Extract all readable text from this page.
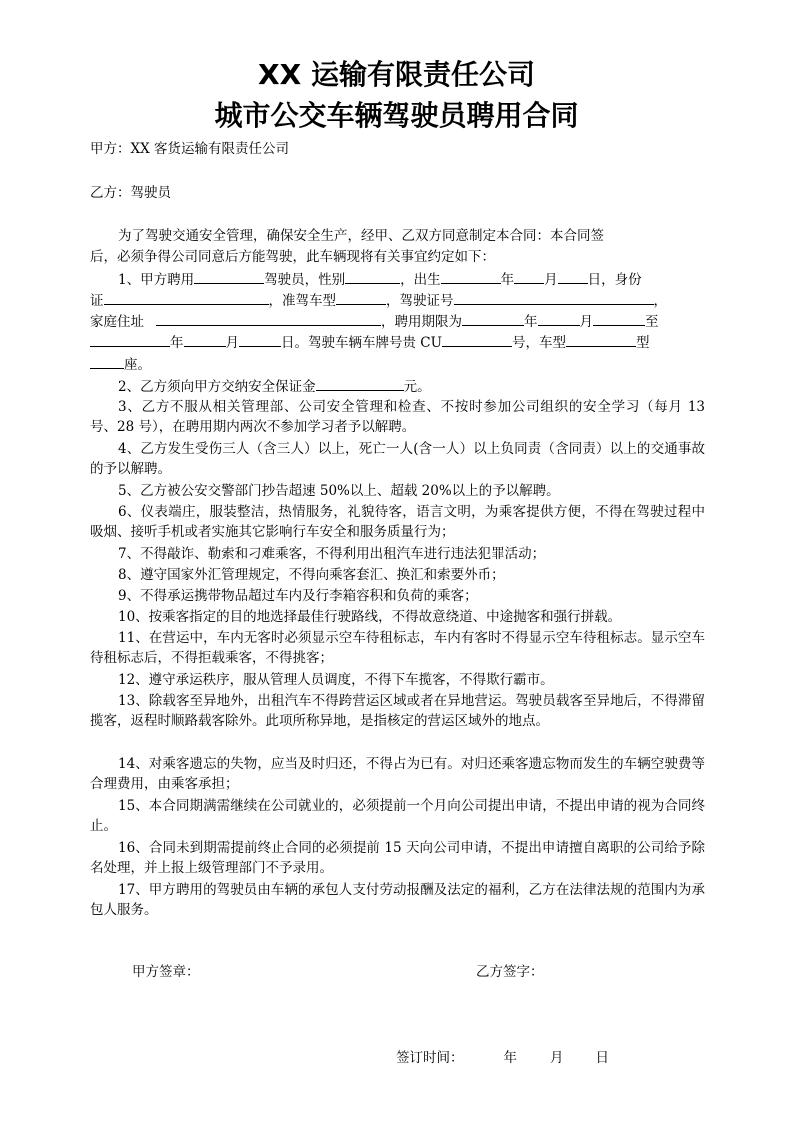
XX 运输有限责任公司
城市公交车辆驾驶员聘用合同

甲方：XX 客货运输有限责任公司

乙方：驾驶员

为了驾驶交通安全管理，确保安全生产，经甲、乙双方同意制定本合同：本合同签

后，必须争得公司同意后方能驾驶，此车辆现将有关事宜约定如下：

1、甲方聘用	驾驶员，性别	，出生	年 月 日，身份

证	，准驾车型	，驾驶证号	，

家庭住址	，聘用期限为	年	月	至

年	月	日。驾驶车辆车牌号贵 CU	号，车型	型

座。

2、乙方须向甲方交纳安全保证金	元。

3、乙方不服从相关管理部、公司安全管理和检查、不按时参加公司组织的安全学习（每月 13 号、28 号），在聘用期内两次不参加学习者予以解聘。

4、乙方发生受伤三人（含三人）以上，死亡一人(含一人）以上负同责（含同责）以上的交通事故的予以解聘。

5、乙方被公安交警部门抄告超速 50%以上、超载 20%以上的予以解聘。

6、仪表端庄，服装整洁，热情服务，礼貌待客，语言文明，为乘客提供方便，不得在驾驶过程中吸烟、接听手机或者实施其它影响行车安全和服务质量行为；

7、不得敲诈、勒索和刁难乘客，不得利用出租汽车进行违法犯罪活动；

8、遵守国家外汇管理规定，不得向乘客套汇、换汇和索要外币；

9、不得承运携带物品超过车内及行李箱容积和负荷的乘客；

10、按乘客指定的目的地选择最佳行驶路线，不得故意绕道、中途抛客和强行拼载。

11、在营运中，车内无客时必须显示空车待租标志，车内有客时不得显示空车待租标志。显示空车待租标志后，不得拒载乘客，不得挑客；

12、遵守承运秩序，服从管理人员调度，不得下车揽客，不得欺行霸市。

13、除载客至异地外，出租汽车不得跨营运区域或者在异地营运。驾驶员载客至异地后，不得滞留揽客，返程时顺路载客除外。此项所称异地，是指核定的营运区域外的地点。

14、对乘客遗忘的失物，应当及时归还，不得占为已有。对归还乘客遗忘物而发生的车辆空驶费等合理费用，由乘客承担；

15、本合同期满需继续在公司就业的，必须提前一个月向公司提出申请，不提出申请的视为合同终止。

16、合同未到期需提前终止合同的必须提前 15 天向公司申请，不提出申请擅自离职的公司给予除名处理，并上报上级管理部门不予录用。

17、甲方聘用的驾驶员由车辆的承包人支付劳动报酬及法定的福利，乙方在法律法规的范围内为承包人服务。

甲方签章：	乙方签字：

签订时间：	年 月 日
